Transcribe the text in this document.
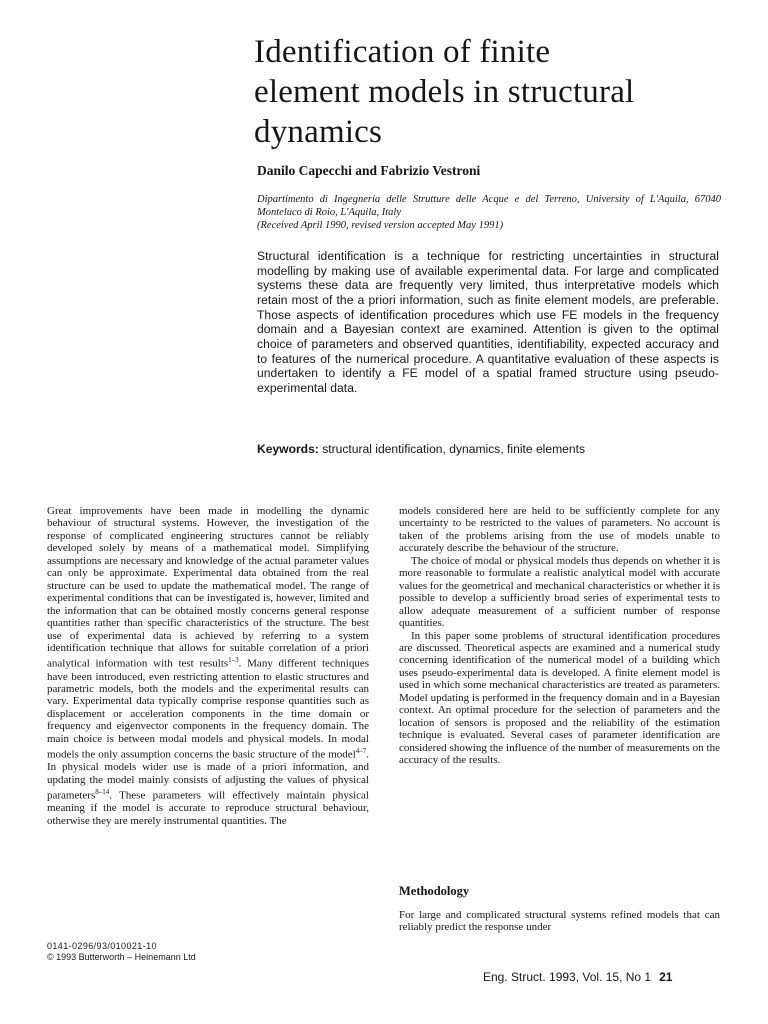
Identification of finite
element models in structural
dynamics

Danilo Capecchi and Fabrizio Vestroni

Dipartimento di Ingegneria delle Strutture delle Acque e del Terreno, University of L'Aquila, 67040 Monteluco di Roio, L'Aquila, Italy

(Received April 1990, revised version accepted May 1991)

Structural identification is a technique for restricting uncertainties in structural modelling by making use of available experimental data. For large and complicated systems these data are frequently very limited, thus interpretative models which retain most of the a priori information, such as finite element models, are preferable. Those aspects of identification procedures which use FE models in the frequency domain and a Bayesian context are examined. Attention is given to the optimal choice of parameters and observed quantities, identifiability, expected accuracy and to features of the numerical procedure. A quantitative evaluation of these aspects is undertaken to identify a FE model of a spatial framed structure using pseudo-experimental data.

Keywords: structural identification, dynamics, finite elements

Great improvements have been made in modelling the dynamic behaviour of structural systems. However, the investigation of the response of complicated engineering structures cannot be reliably developed solely by means of a mathematical model. Simplifying assumptions are necessary and knowledge of the actual parameter values can only be approximate. Experimental data obtained from the real structure can be used to update the mathematical model. The range of experimental conditions that can be investigated is, however, limited and the information that can be obtained mostly concerns general response quantities rather than specific characteristics of the structure. The best use of experimental data is achieved by referring to a system identification technique that allows for suitable correlation of a priori analytical information with test results$^{1-3}$. Many different techniques have been introduced, even restricting attention to elastic structures and parametric models, both the models and the experimental results can vary. Experimental data typically comprise response quantities such as displacement or acceleration components in the time domain or frequency and eigenvector components in the frequency domain. The main choice is between modal models and physical models. In modal models the only assumption concerns the basic structure of the model$^{4-7}$. In physical models wider use is made of a priori information, and updating the model mainly consists of adjusting the values of physical parameters$^{8-14}$. These parameters will effectively maintain physical meaning if the model is accurate to reproduce structural behaviour, otherwise they are merely instrumental quantities. The

models considered here are held to be sufficiently complete for any uncertainty to be restricted to the values of parameters. No account is taken of the problems arising from the use of models unable to accurately describe the behaviour of the structure.

The choice of modal or physical models thus depends on whether it is more reasonable to formulate a realistic analytical model with accurate values for the geometrical and mechanical characteristics or whether it is possible to develop a sufficiently broad series of experimental tests to allow adequate measurement of a sufficient number of response quantities.

In this paper some problems of structural identification procedures are discussed. Theoretical aspects are examined and a numerical study concerning identification of the numerical model of a building which uses pseudo-experimental data is developed. A finite element model is used in which some mechanical characteristics are treated as parameters. Model updating is performed in the frequency domain and in a Bayesian context. An optimal procedure for the selection of parameters and the location of sensors is proposed and the reliability of the estimation technique is evaluated. Several cases of parameter identification are considered showing the influence of the number of measurements on the accuracy of the results.

Methodology

For large and complicated structural systems refined models that can reliably predict the response under

0141-0296/93/010021-10

© 1993 Butterworth – Heinemann Ltd

Eng. Struct. 1993, Vol. 15, No 1 21
